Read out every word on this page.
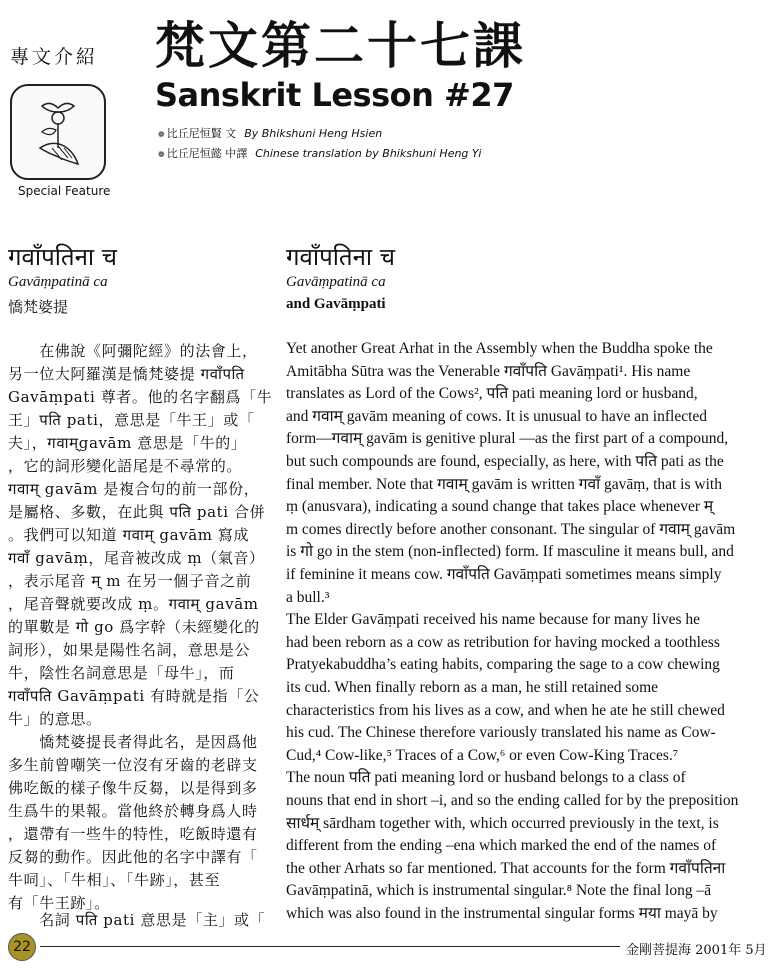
專文介紹
Special Feature
梵文第二十七課
Sanskrit Lesson #27
❁ 比丘尼恒賢 文 By Bhikshuni Heng Hsien
❁ 比丘尼恒懿 中譯 Chinese translation by Bhikshuni Heng Yi
गवाँपतिना च
Gavāṃpatinā ca
憍梵婆提
गवाँपतिना च
Gavāṃpatinā ca
and Gavāṃpati
　　在佛說《阿彌陀經》的法會上，
另一位大阿羅漢是憍梵婆提 गवाँपति
Gavāṃpati 尊者。他的名字翻爲「牛
王」पति pati，意思是「牛王」或「
夫」，गवाम्gavām 意思是「牛的」
，它的詞形變化語尾是不尋常的。
गवाम् gavām 是複合句的前一部份，
是屬格、多數，在此與 पति pati 合併
。我們可以知道 गवाम् gavām 寫成
गवाँ gavāṃ，尾音被改成 ṃ（氣音）
，表示尾音 म् m 在另一個子音之前
，尾音聲就要改成 ṃ。गवाम् gavām
的單數是 गो go 爲字幹（未經變化的
詞形），如果是陽性名詞，意思是公
牛，陰性名詞意思是「母牛」，而
गवाँपति Gavāṃpati 有時就是指「公
牛」的意思。
　　憍梵婆提長者得此名，是因爲他
多生前曾嘲笑一位沒有牙齒的老辟支
佛吃飯的樣子像牛反芻，以是得到多
生爲牛的果報。當他終於轉身爲人時
，還帶有一些牛的特性，吃飯時還有
反芻的動作。因此他的名字中譯有「
牛呞」、「牛相」、「牛跡」，甚至
有「牛王跡」。
　　名詞 पति pati 意思是「主」或「
Yet another Great Arhat in the Assembly when the Buddha spoke the
Amitābha Sūtra was the Venerable गवाँपति Gavāṃpati¹. His name
translates as Lord of the Cows², पति pati meaning lord or husband,
and गवाम् gavām meaning of cows. It is unusual to have an inflected
form—गवाम् gavām is genitive plural —as the first part of a compound,
but such compounds are found, especially, as here, with पति pati as the
final member. Note that गवाम् gavām is written गवाँ gavāṃ, that is with
ṃ (anusvara), indicating a sound change that takes place whenever म्
m comes directly before another consonant. The singular of गवाम् gavām
is गो go in the stem (non-inflected) form. If masculine it means bull, and
if feminine it means cow. गवाँपति Gavāṃpati sometimes means simply
a bull.³
The Elder Gavāṃpati received his name because for many lives he
had been reborn as a cow as retribution for having mocked a toothless
Pratyekabuddha’s eating habits, comparing the sage to a cow chewing
its cud. When finally reborn as a man, he still retained some
characteristics from his lives as a cow, and when he ate he still chewed
his cud. The Chinese therefore variously translated his name as Cow-
Cud,⁴ Cow-like,⁵ Traces of a Cow,⁶ or even Cow-King Traces.⁷
The noun पति pati meaning lord or husband belongs to a class of
nouns that end in short –i, and so the ending called for by the preposition
सार्धम् sārdham together with, which occurred previously in the text, is
different from the ending –ena which marked the end of the names of
the other Arhats so far mentioned. That accounts for the form गवाँपतिना
Gavāṃpatinā, which is instrumental singular.⁸ Note the final long –ā
which was also found in the instrumental singular forms मया mayā by
22	金剛菩提海 2001年 5月
